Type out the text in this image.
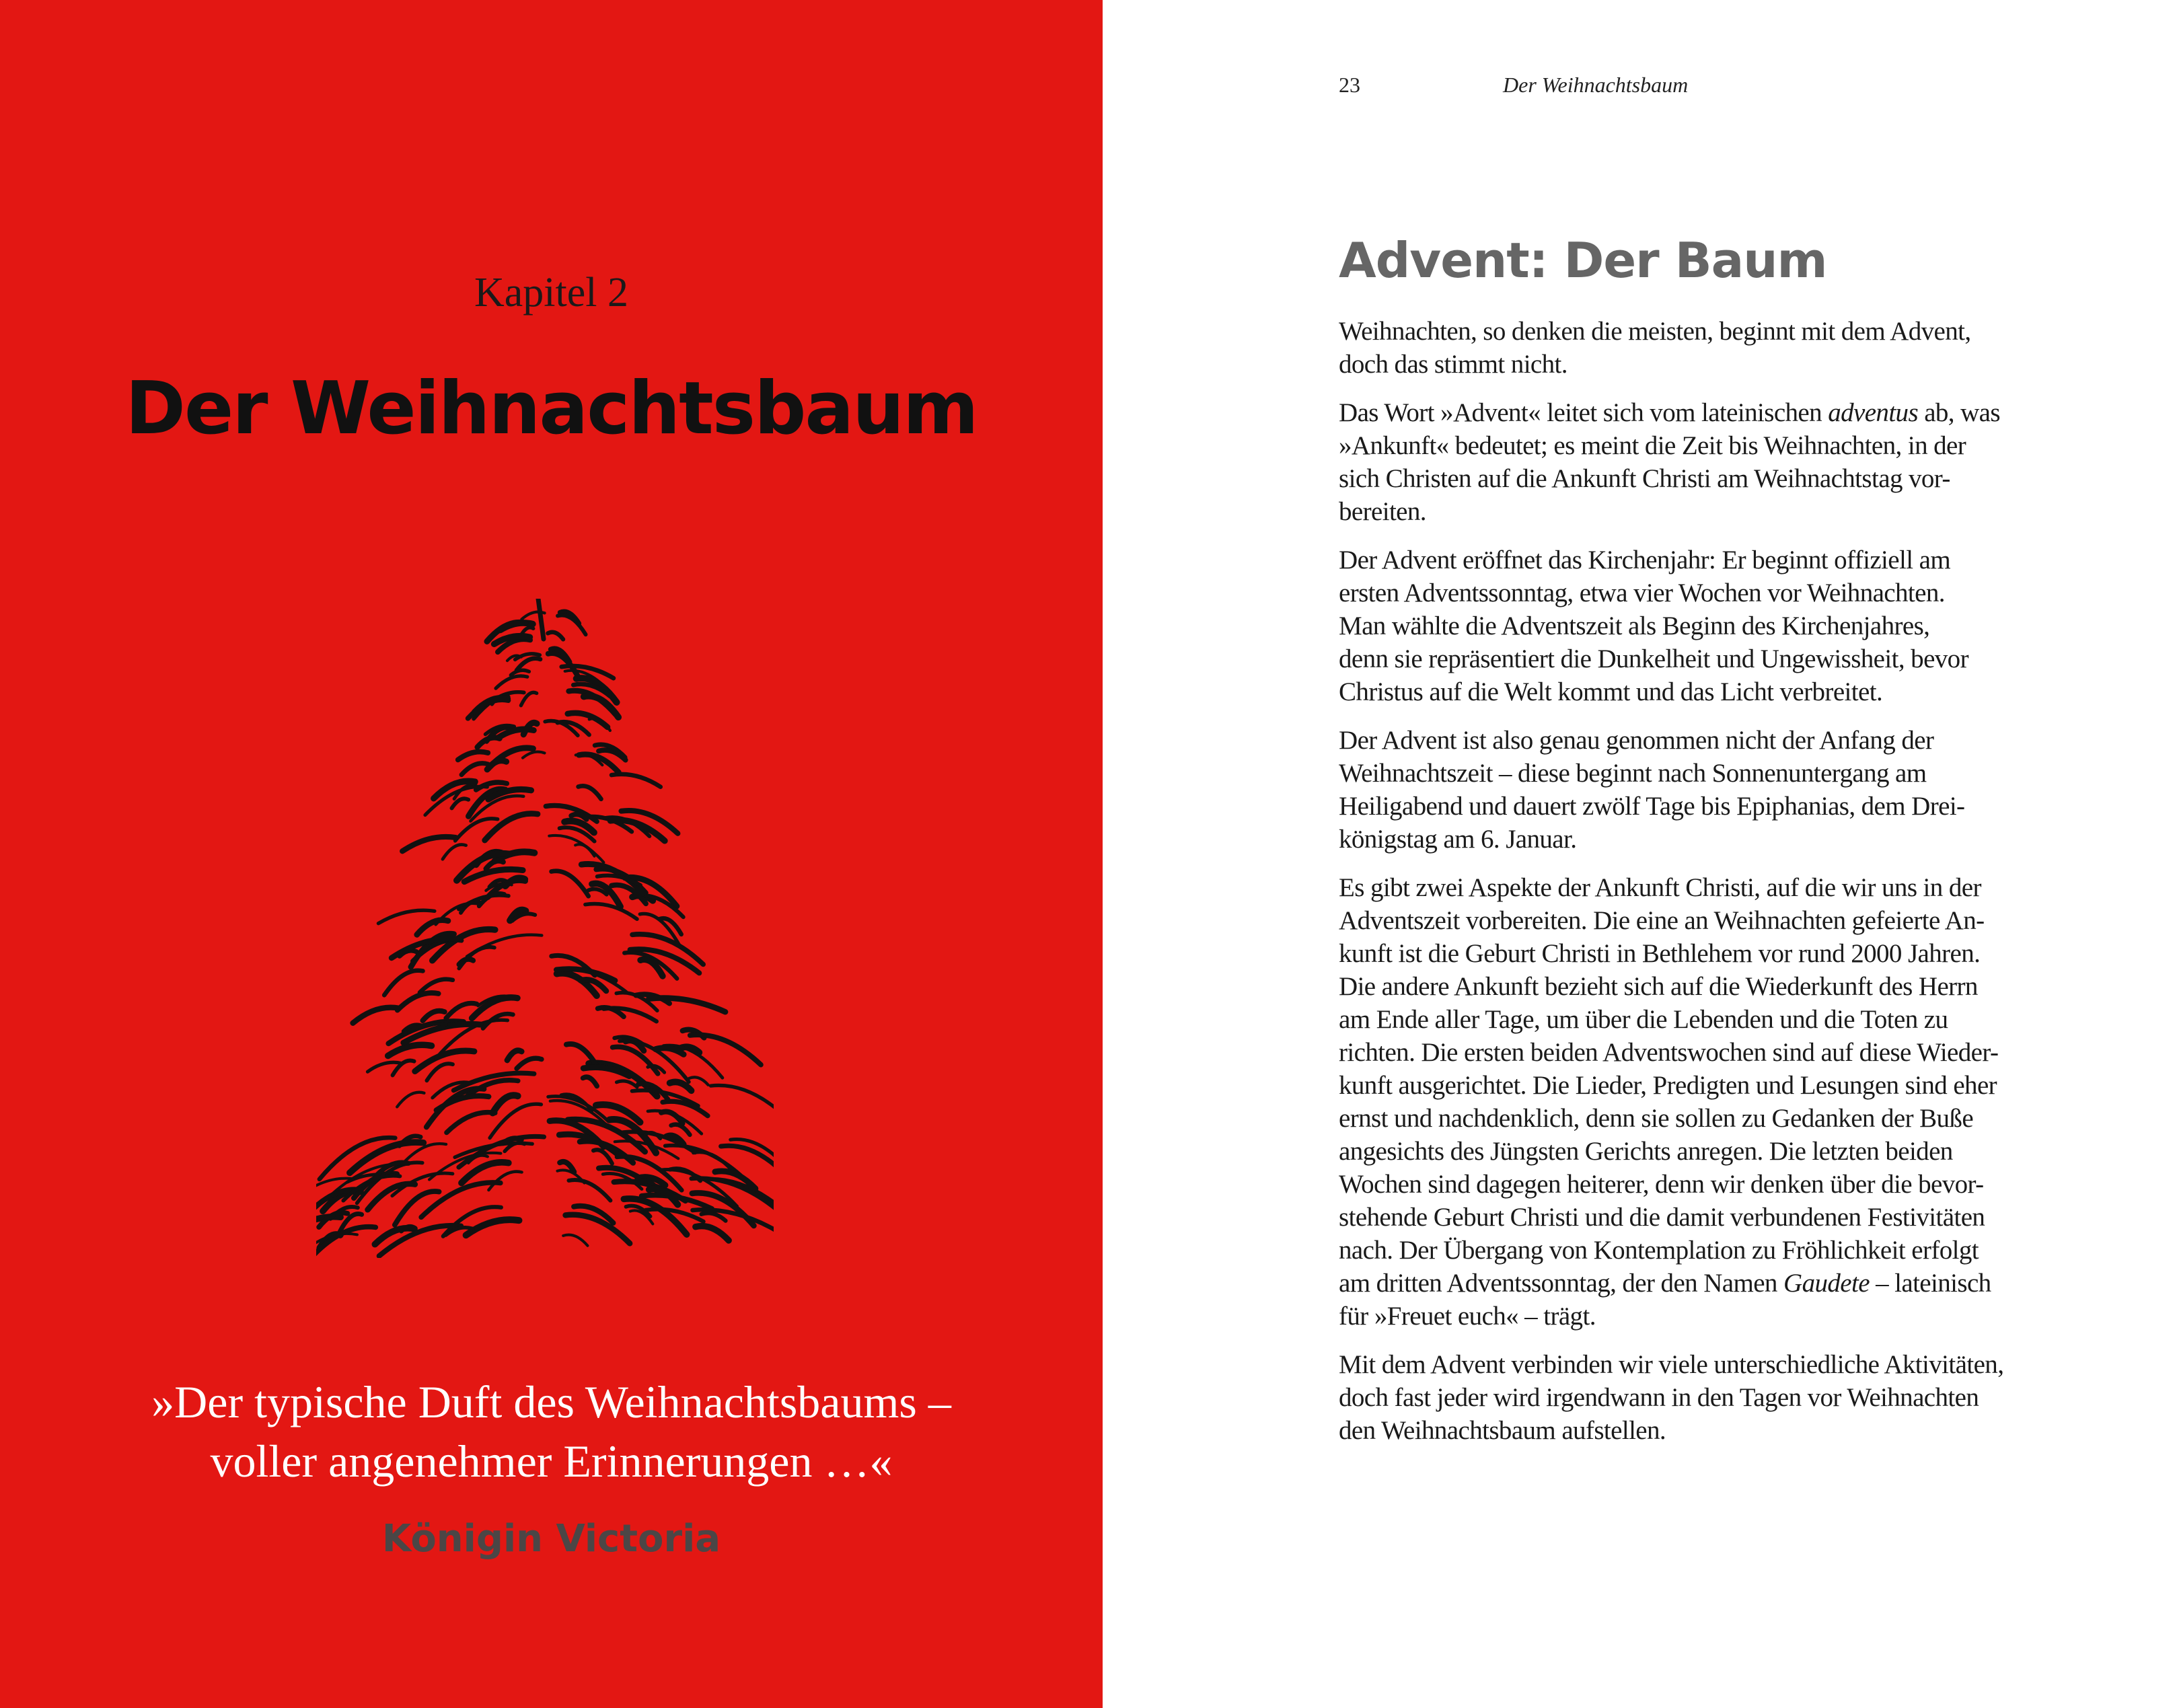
Kapitel 2
Der Weihnachtsbaum
»Der typische Duft des Weihnachtsbaums –
voller angenehmer Erinnerungen …«
Königin Victoria
23	Der Weihnachtsbaum
Advent: Der Baum
Weihnachten, so denken die meisten, beginnt mit dem Advent,
doch das stimmt nicht.
Das Wort »Advent« leitet sich vom lateinischen adventus ab, was
»Ankunft« bedeutet; es meint die Zeit bis Weihnachten, in der
sich Christen auf die Ankunft Christi am Weihnachtstag vor-
bereiten.
Der Advent eröffnet das Kirchenjahr: Er beginnt offiziell am
ersten Adventssonntag, etwa vier Wochen vor Weihnachten.
Man wählte die Adventszeit als Beginn des Kirchenjahres,
denn sie repräsentiert die Dunkelheit und Ungewissheit, bevor
Christus auf die Welt kommt und das Licht verbreitet.
Der Advent ist also genau genommen nicht der Anfang der
Weihnachtszeit – diese beginnt nach Sonnenuntergang am
Heiligabend und dauert zwölf Tage bis Epiphanias, dem Drei-
königstag am 6. Januar.
Es gibt zwei Aspekte der Ankunft Christi, auf die wir uns in der
Adventszeit vorbereiten. Die eine an Weihnachten gefeierte An-
kunft ist die Geburt Christi in Bethlehem vor rund 2000 Jahren.
Die andere Ankunft bezieht sich auf die Wiederkunft des Herrn
am Ende aller Tage, um über die Lebenden und die Toten zu
richten. Die ersten beiden Adventswochen sind auf diese Wieder-
kunft ausgerichtet. Die Lieder, Predigten und Lesungen sind eher
ernst und nachdenklich, denn sie sollen zu Gedanken der Buße
angesichts des Jüngsten Gerichts anregen. Die letzten beiden
Wochen sind dagegen heiterer, denn wir denken über die bevor-
stehende Geburt Christi und die damit verbundenen Festivitäten
nach. Der Übergang von Kontemplation zu Fröhlichkeit erfolgt
am dritten Adventssonntag, der den Namen Gaudete – lateinisch
für »Freuet euch« – trägt.
Mit dem Advent verbinden wir viele unterschiedliche Aktivitäten,
doch fast jeder wird irgendwann in den Tagen vor Weihnachten
den Weihnachtsbaum aufstellen.
